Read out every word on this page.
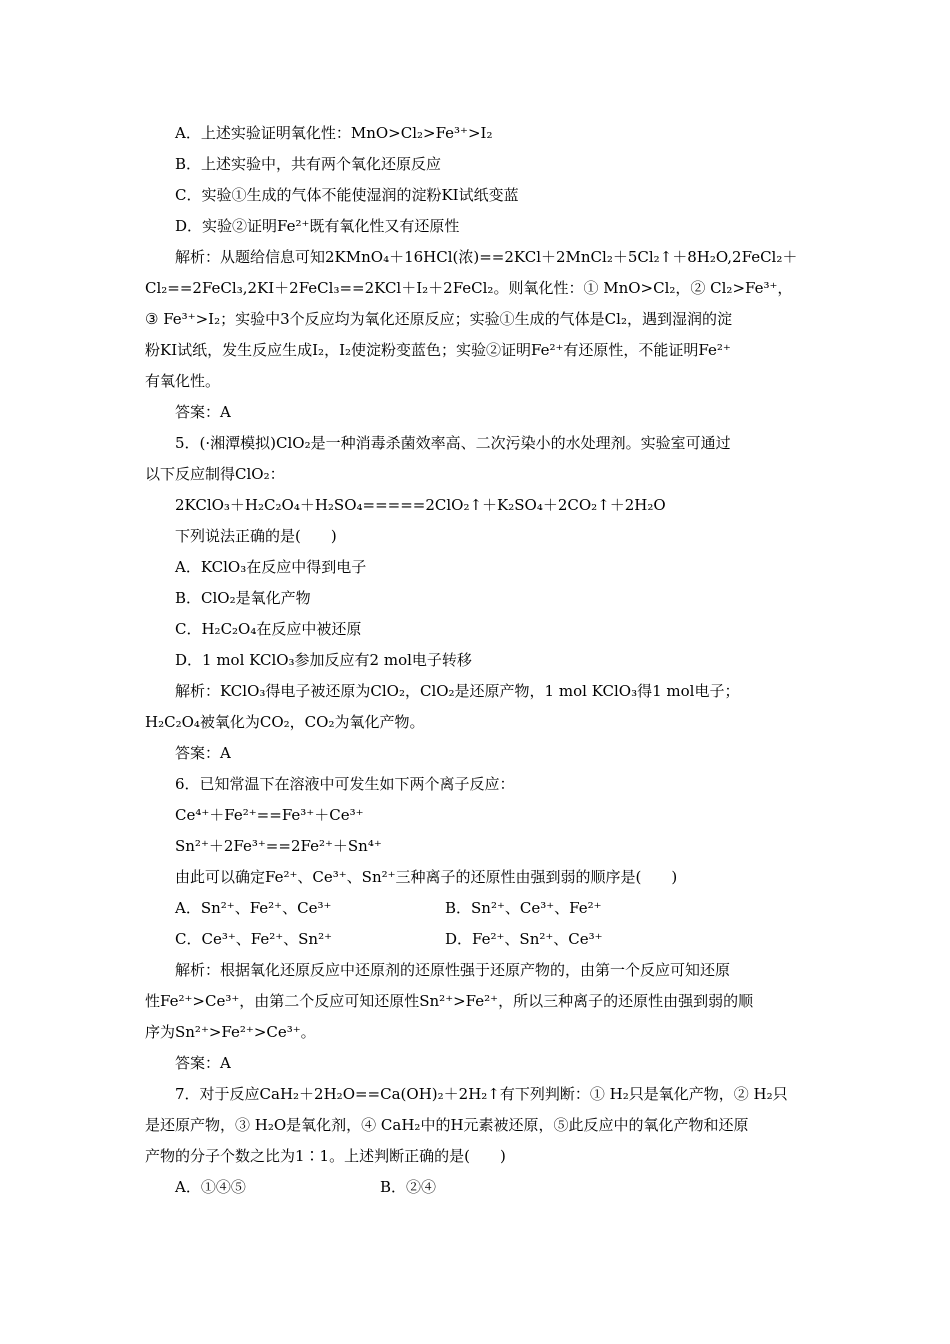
A．上述实验证明氧化性：MnO>Cl₂>Fe³⁺>I₂
B．上述实验中，共有两个氧化还原反应
C．实验①生成的气体不能使湿润的淀粉KI试纸变蓝
D．实验②证明Fe²⁺既有氧化性又有还原性
解析：从题给信息可知2KMnO₄＋16HCl(浓)==2KCl＋2MnCl₂＋5Cl₂↑＋8H₂O,2FeCl₂＋
Cl₂==2FeCl₃,2KI＋2FeCl₃==2KCl＋I₂＋2FeCl₂。则氧化性：① MnO>Cl₂，② Cl₂>Fe³⁺，
③ Fe³⁺>I₂；实验中3个反应均为氧化还原反应；实验①生成的气体是Cl₂，遇到湿润的淀
粉KI试纸，发生反应生成I₂，I₂使淀粉变蓝色；实验②证明Fe²⁺有还原性，不能证明Fe²⁺
有氧化性。
答案：A
5．(·湘潭模拟)ClO₂是一种消毒杀菌效率高、二次污染小的水处理剂。实验室可通过
以下反应制得ClO₂：
2KClO₃＋H₂C₂O₄＋H₂SO₄=====2ClO₂↑＋K₂SO₄＋2CO₂↑＋2H₂O
下列说法正确的是(　　)
A．KClO₃在反应中得到电子
B．ClO₂是氧化产物
C．H₂C₂O₄在反应中被还原
D．1 mol KClO₃参加反应有2 mol电子转移
解析：KClO₃得电子被还原为ClO₂，ClO₂是还原产物，1 mol KClO₃得1 mol电子；
H₂C₂O₄被氧化为CO₂，CO₂为氧化产物。
答案：A
6．已知常温下在溶液中可发生如下两个离子反应：
Ce⁴⁺＋Fe²⁺==Fe³⁺＋Ce³⁺
Sn²⁺＋2Fe³⁺==2Fe²⁺＋Sn⁴⁺
由此可以确定Fe²⁺、Ce³⁺、Sn²⁺三种离子的还原性由强到弱的顺序是(　　)
A．Sn²⁺、Fe²⁺、Ce³⁺	B．Sn²⁺、Ce³⁺、Fe²⁺
C．Ce³⁺、Fe²⁺、Sn²⁺	D．Fe²⁺、Sn²⁺、Ce³⁺
解析：根据氧化还原反应中还原剂的还原性强于还原产物的，由第一个反应可知还原
性Fe²⁺>Ce³⁺，由第二个反应可知还原性Sn²⁺>Fe²⁺，所以三种离子的还原性由强到弱的顺
序为Sn²⁺>Fe²⁺>Ce³⁺。
答案：A
7．对于反应CaH₂＋2H₂O==Ca(OH)₂＋2H₂↑有下列判断：① H₂只是氧化产物，② H₂只
是还原产物，③ H₂O是氧化剂，④ CaH₂中的H元素被还原，⑤此反应中的氧化产物和还原
产物的分子个数之比为1∶1。上述判断正确的是(　　)
A．①④⑤	B．②④
